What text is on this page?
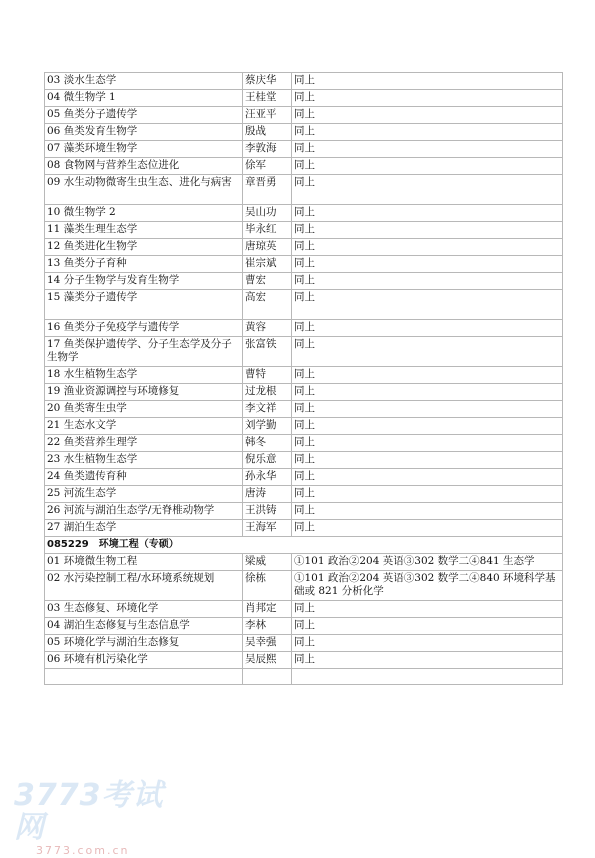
03 淡水生态学	蔡庆华	同上
04 微生物学 1	王桂堂	同上
05 鱼类分子遗传学	汪亚平	同上
06 鱼类发育生物学	殷战	同上
07 藻类环境生物学	李敦海	同上
08 食物网与营养生态位进化	俆军	同上
09 水生动物微寄生虫生态、进化与病害	章晋勇	同上
10 微生物学 2	吴山功	同上
11 藻类生理生态学	毕永红	同上
12 鱼类进化生物学	唐琼英	同上
13 鱼类分子育种	崔宗斌	同上
14 分子生物学与发育生物学	曹宏	同上
15 藻类分子遗传学	高宏	同上
16 鱼类分子免疫学与遗传学	黄容	同上
17 鱼类保护遗传学、分子生态学及分子生物学	张富铁	同上
18 水生植物生态学	曹特	同上
19 渔业资源调控与环境修复	过龙根	同上
20 鱼类寄生虫学	李文祥	同上
21 生态水文学	刘学勤	同上
22 鱼类营养生理学	韩冬	同上
23 水生植物生态学	倪乐意	同上
24 鱼类遗传育种	孙永华	同上
25 河流生态学	唐涛	同上
26 河流与湖泊生态学/无脊椎动物学	王洪铸	同上
27 湖泊生态学	王海军	同上
085229　环境工程（专硕）		
01 环境微生物工程	梁威	①101 政治②204 英语③302 数学二④841 生态学
02 水污染控制工程/水环境系统规划	徐栋	①101 政治②204 英语③302 数学二④840 环境科学基础或 821 分析化学
03 生态修复、环境化学	肖邦定	同上
04 湖泊生态修复与生态信息学	李林	同上
05 环境化学与湖泊生态修复	吴幸强	同上
06 环境有机污染化学	吴辰熙	同上

3773考试网
3773.com.cn
